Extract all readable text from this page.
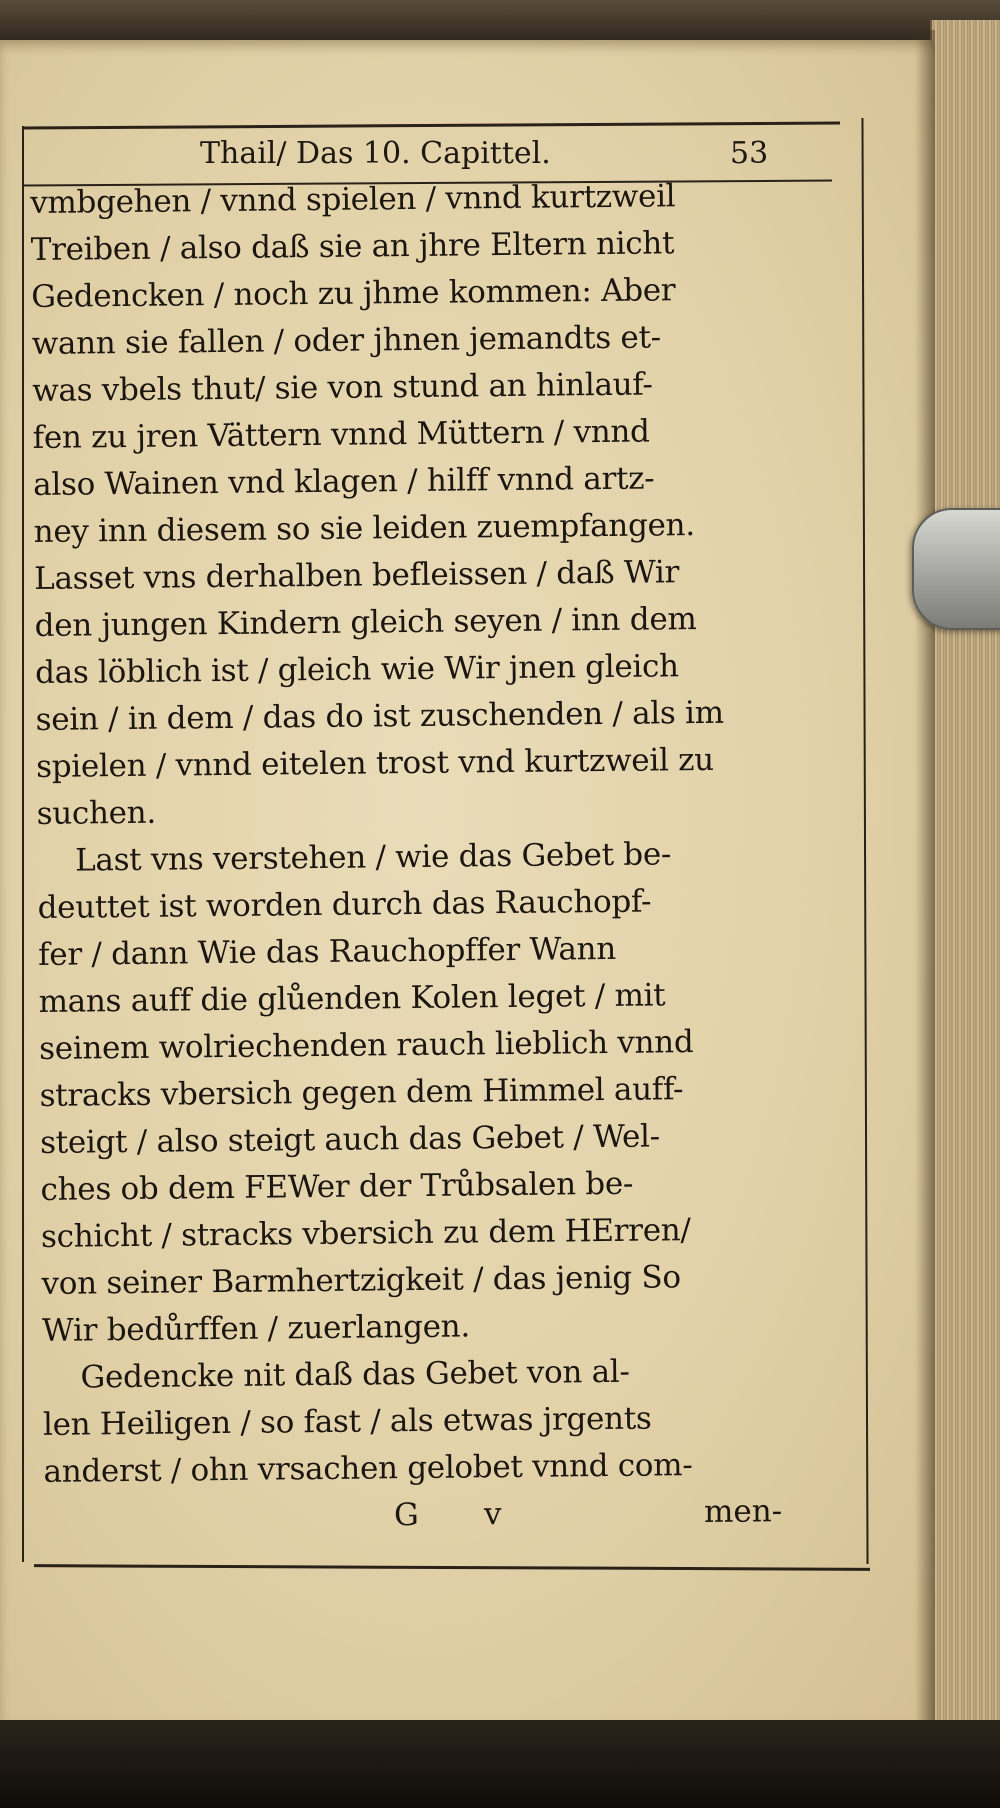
Thail/ Das 10. Capittel.	53
vmbgehen / vnnd spielen / vnnd kurtzweil
Treiben / also daß sie an jhre Eltern nicht
Gedencken / noch zu jhme kommen: Aber
wann sie fallen / oder jhnen jemandts et-
was vbels thut/ sie von stund an hinlauf-
fen zu jren Vättern vnnd Müttern / vnnd
also Wainen vnd klagen / hilff vnnd artz-
ney inn diesem so sie leiden zuempfangen.
Lasset vns derhalben befleissen / daß Wir
den jungen Kindern gleich seyen / inn dem
das löblich ist / gleich wie Wir jnen gleich
sein / in dem / das do ist zuschenden / als im
spielen / vnnd eitelen trost vnd kurtzweil zu
suchen.
Last vns verstehen / wie das Gebet be-
deuttet ist worden durch das Rauchopf-
fer / dann Wie das Rauchopffer Wann
mans auff die glůenden Kolen leget / mit
seinem wolriechenden rauch lieblich vnnd
stracks vbersich gegen dem Himmel auff-
steigt / also steigt auch das Gebet / Wel-
ches ob dem FEWer der Trůbsalen be-
schicht / stracks vbersich zu dem HErren/
von seiner Barmhertzigkeit / das jenig So
Wir bedůrffen / zuerlangen.
Gedencke nit daß das Gebet von al-
len Heiligen / so fast / als etwas jrgents
anderst / ohn vrsachen gelobet vnnd com-
G v	men-
